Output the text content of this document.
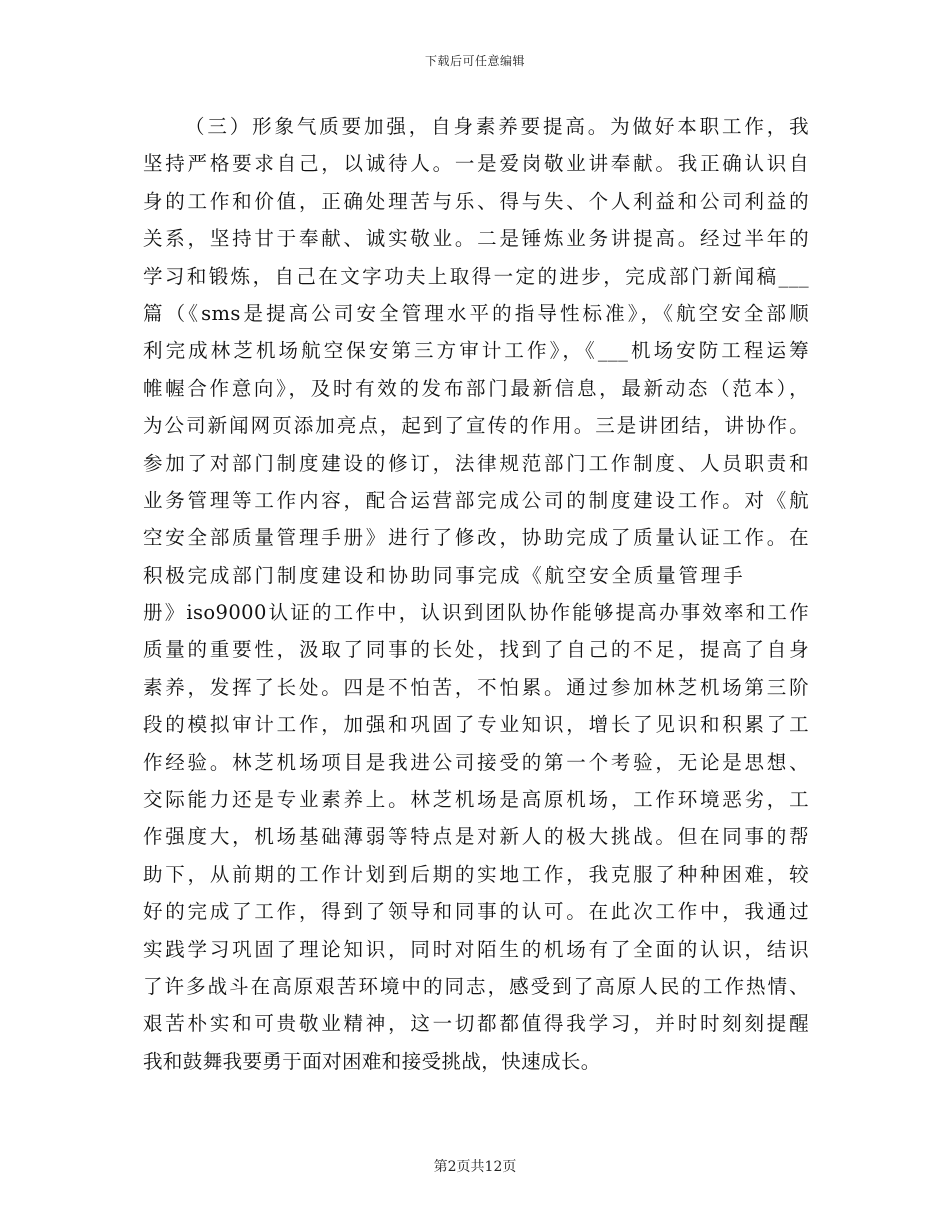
下载后可任意编辑
（三）形象气质要加强，自身素养要提高。为做好本职工作，我
坚持严格要求自己，以诚待人。一是爱岗敬业讲奉献。我正确认识自
身的工作和价值，正确处理苦与乐、得与失、个人利益和公司利益的
关系，坚持甘于奉献、诚实敬业。二是锤炼业务讲提高。经过半年的
学习和锻炼，自己在文字功夫上取得一定的进步，完成部门新闻稿___
篇（《sms是提高公司安全管理水平的指导性标准》，《航空安全部顺
利完成林芝机场航空保安第三方审计工作》，《___机场安防工程运筹
帷幄合作意向》，及时有效的发布部门最新信息，最新动态（范本），
为公司新闻网页添加亮点，起到了宣传的作用。三是讲团结，讲协作。
参加了对部门制度建设的修订，法律规范部门工作制度、人员职责和
业务管理等工作内容，配合运营部完成公司的制度建设工作。对《航
空安全部质量管理手册》进行了修改，协助完成了质量认证工作。在
积极完成部门制度建设和协助同事完成《航空安全质量管理手
册》iso9000认证的工作中，认识到团队协作能够提高办事效率和工作
质量的重要性，汲取了同事的长处，找到了自己的不足，提高了自身
素养，发挥了长处。四是不怕苦，不怕累。通过参加林芝机场第三阶
段的模拟审计工作，加强和巩固了专业知识，增长了见识和积累了工
作经验。林芝机场项目是我进公司接受的第一个考验，无论是思想、
交际能力还是专业素养上。林芝机场是高原机场，工作环境恶劣，工
作强度大，机场基础薄弱等特点是对新人的极大挑战。但在同事的帮
助下，从前期的工作计划到后期的实地工作，我克服了种种困难，较
好的完成了工作，得到了领导和同事的认可。在此次工作中，我通过
实践学习巩固了理论知识，同时对陌生的机场有了全面的认识，结识
了许多战斗在高原艰苦环境中的同志，感受到了高原人民的工作热情、
艰苦朴实和可贵敬业精神，这一切都都值得我学习，并时时刻刻提醒
我和鼓舞我要勇于面对困难和接受挑战，快速成长。
第2页共12页
